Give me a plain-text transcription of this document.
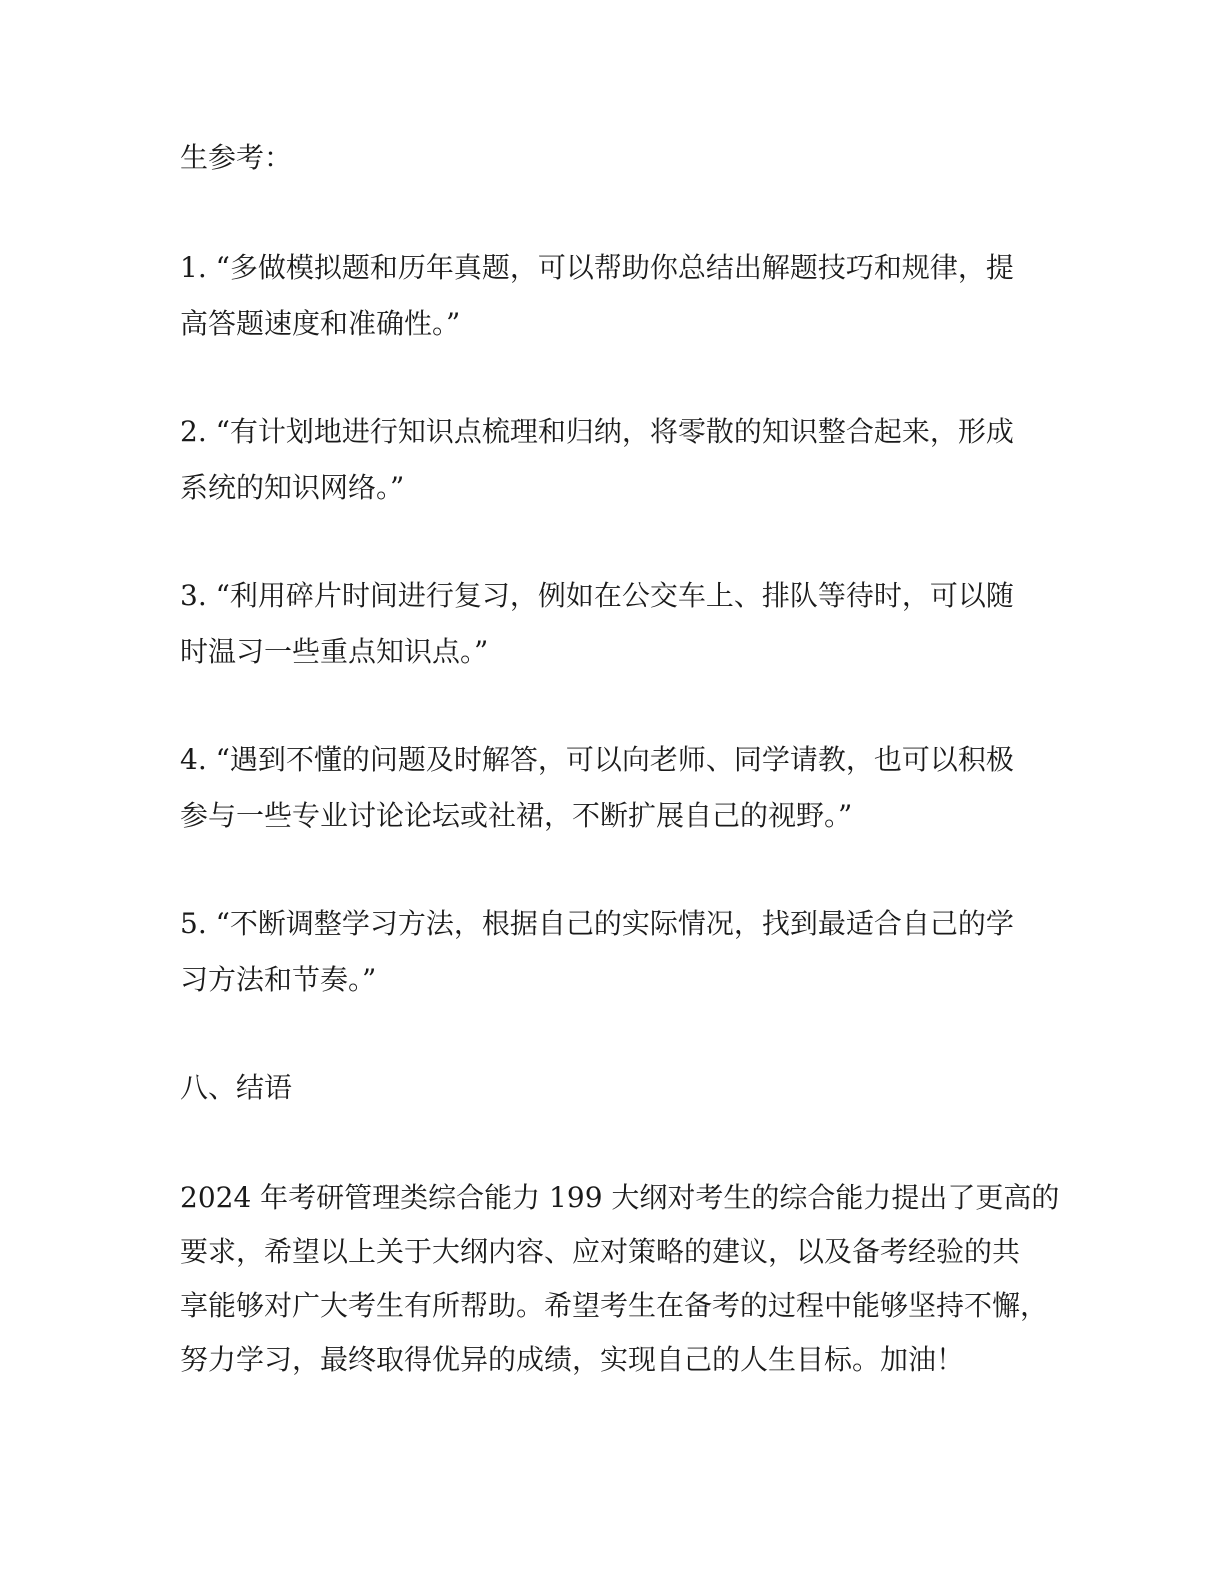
生参考：
1. “多做模拟题和历年真题，可以帮助你总结出解题技巧和规律，提
高答题速度和准确性。”
2. “有计划地进行知识点梳理和归纳，将零散的知识整合起来，形成
系统的知识网络。”
3. “利用碎片时间进行复习，例如在公交车上、排队等待时，可以随
时温习一些重点知识点。”
4. “遇到不懂的问题及时解答，可以向老师、同学请教，也可以积极
参与一些专业讨论论坛或社裙，不断扩展自己的视野。”
5. “不断调整学习方法，根据自己的实际情况，找到最适合自己的学
习方法和节奏。”
八、结语
2024 年考研管理类综合能力 199 大纲对考生的综合能力提出了更高的
要求，希望以上关于大纲内容、应对策略的建议，以及备考经验的共
享能够对广大考生有所帮助。希望考生在备考的过程中能够坚持不懈，
努力学习，最终取得优异的成绩，实现自己的人生目标。加油！
